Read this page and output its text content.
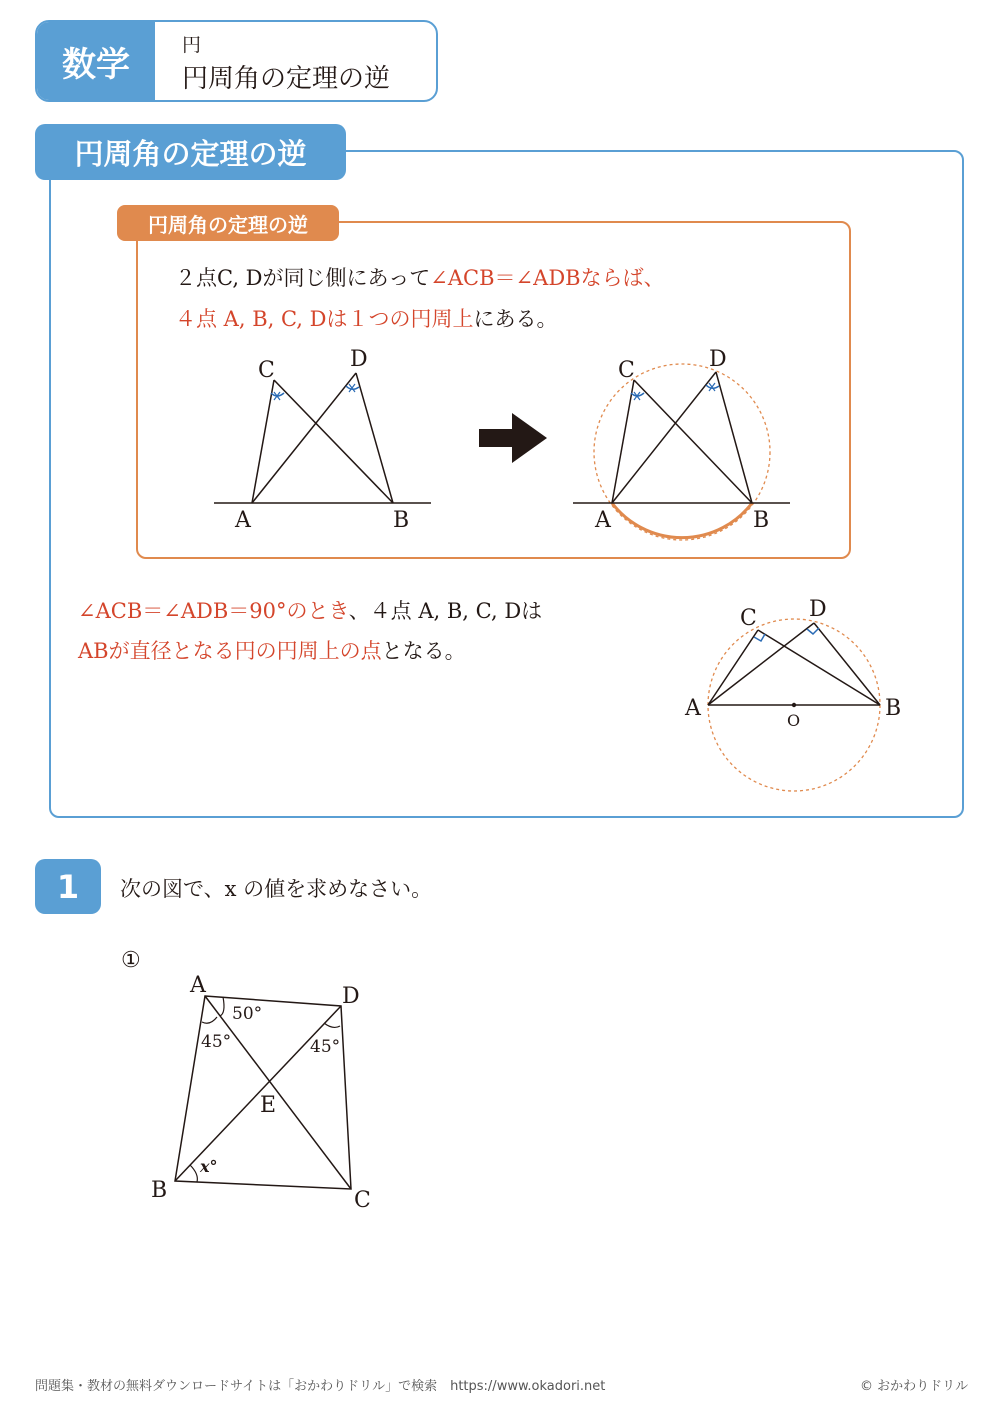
数学	円
円周角の定理の逆
円周角の定理の逆
円周角の定理の逆
２点C, Dが同じ側にあって∠ACB＝∠ADBならば、
４点 A, B, C, Dは１つの円周上にある。
C	D
A	B
C	D
A	B
C D
A	B
O
A	D
B	C
E
50°
45°	45°
x°
∠ACB＝∠ADB＝90°のとき、４点 A, B, C, Dは
ABが直径となる円の円周上の点となる。
1	次の図で、x の値を求めなさい。
①
問題集・教材の無料ダウンロードサイトは「おかわりドリル」で検索　https://www.okadori.net	© おかわりドリル
